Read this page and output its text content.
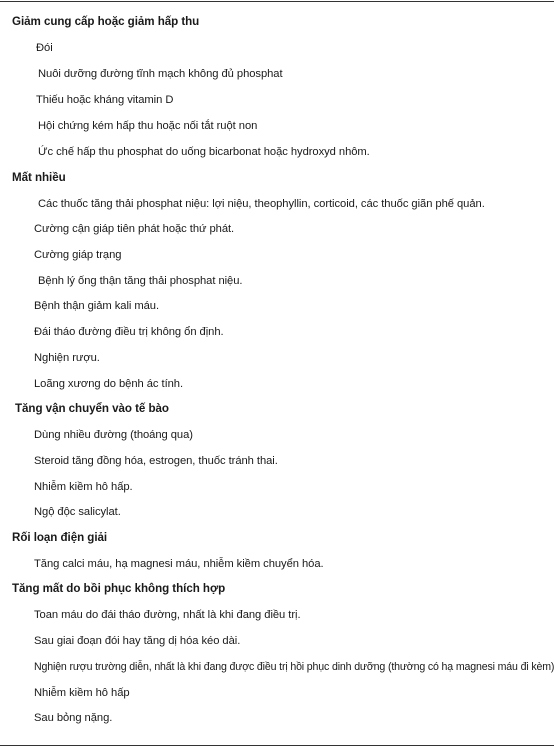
Giảm cung cấp hoặc giảm hấp thu
Đói
Nuôi dưỡng đường tĩnh mạch không đủ phosphat
Thiếu hoặc kháng vitamin D
Hội chứng kém hấp thu hoặc nối tắt ruột non
Ức chế hấp thu phosphat do uống bicarbonat hoặc hydroxyd nhôm.
Mất nhiều
Các thuốc tăng thải phosphat niệu: lợi niệu, theophyllin, corticoid, các thuốc giãn phế quản.
Cường cận giáp tiên phát hoặc thứ phát.
Cường giáp trạng
Bệnh lý ống thận tăng thải phosphat niệu.
Bệnh thận giảm kali máu.
Đái tháo đường điều trị không ổn định.
Nghiện rượu.
Loãng xương do bệnh ác tính.
Tăng vận chuyển vào tế bào
Dùng nhiều đường (thoáng qua)
Steroid tăng đồng hóa, estrogen, thuốc tránh thai.
Nhiễm kiềm hô hấp.
Ngộ độc salicylat.
Rối loạn điện giải
Tăng calci máu, hạ magnesi máu, nhiễm kiềm chuyển hóa.
Tăng mất do bồi phục không thích hợp
Toan máu do đái tháo đường, nhất là khi đang điều trị.
Sau giai đoạn đói hay tăng dị hóa kéo dài.
Nghiện rượu trường diễn, nhất là khi đang được điều trị hồi phục dinh dưỡng (thường có hạ magnesi máu đi kèm)
Nhiễm kiềm hô hấp
Sau bỏng nặng.
